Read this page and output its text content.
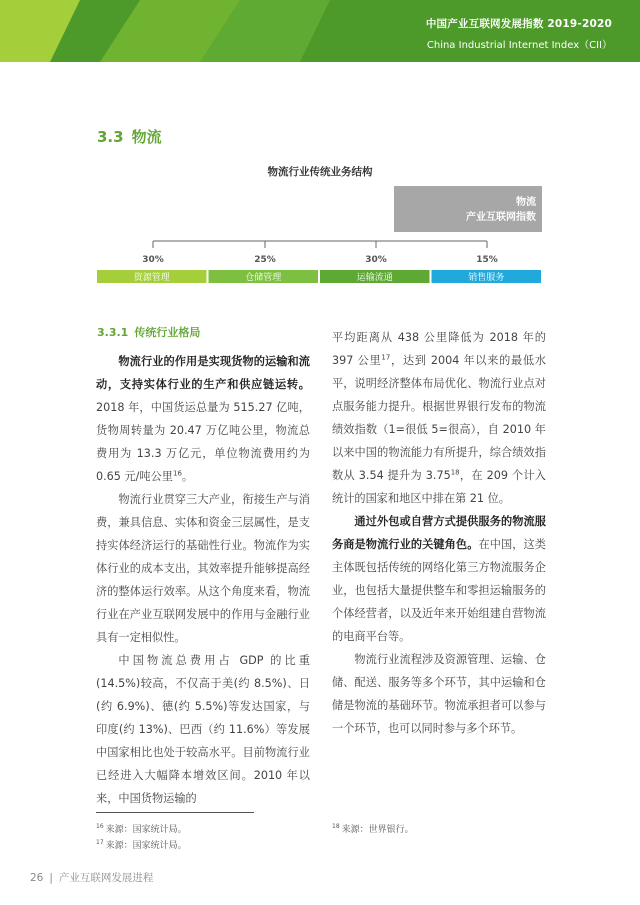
中国产业互联网发展指数 2019-2020
China Industrial Internet Index（CII）
3.3 物流
物流行业传统业务结构
物流
产业互联网指数
30%	25%	30%	15%
资源管理	仓储管理	运输流通	销售服务
3.3.1 传统行业格局

物流行业的作用是实现货物的运输和流动，支持实体行业的生产和供应链运转。2018 年，中国货运总量为 515.27 亿吨，货物周转量为 20.47 万亿吨公里，物流总费用为 13.3 万亿元，单位物流费用约为 0.65 元/吨公里$^{16}$。

物流行业贯穿三大产业，衔接生产与消费，兼具信息、实体和资金三层属性，是支持实体经济运行的基础性行业。物流作为实体行业的成本支出，其效率提升能够提高经济的整体运行效率。从这个角度来看，物流行业在产业互联网发展中的作用与金融行业具有一定相似性。

中国物流总费用占 GDP 的比重(14.5%)较高，不仅高于美(约 8.5%)、日(约 6.9%)、德(约 5.5%)等发达国家，与印度(约 13%)、巴西（约 11.6%）等发展中国家相比也处于较高水平。目前物流行业已经进入大幅降本增效区间。2010 年以来，中国货物运输的

平均距离从 438 公里降低为 2018 年的 397 公里$^{17}$，达到 2004 年以来的最低水平，说明经济整体布局优化、物流行业点对点服务能力提升。根据世界银行发布的物流绩效指数（1=很低 5=很高），自 2010 年以来中国的物流能力有所提升，综合绩效指数从 3.54 提升为 3.75$^{18}$，在 209 个计入统计的国家和地区中排在第 21 位。

通过外包或自营方式提供服务的物流服务商是物流行业的关键角色。在中国，这类主体既包括传统的网络化第三方物流服务企业，也包括大量提供整车和零担运输服务的个体经营者，以及近年来开始组建自营物流的电商平台等。

物流行业流程涉及资源管理、运输、仓储、配送、服务等多个环节，其中运输和仓储是物流的基础环节。物流承担者可以参与一个环节，也可以同时参与多个环节。

$^{16}$ 来源：国家统计局。
$^{17}$ 来源：国家统计局。
$^{18}$ 来源：世界银行。
26 | 产业互联网发展进程
